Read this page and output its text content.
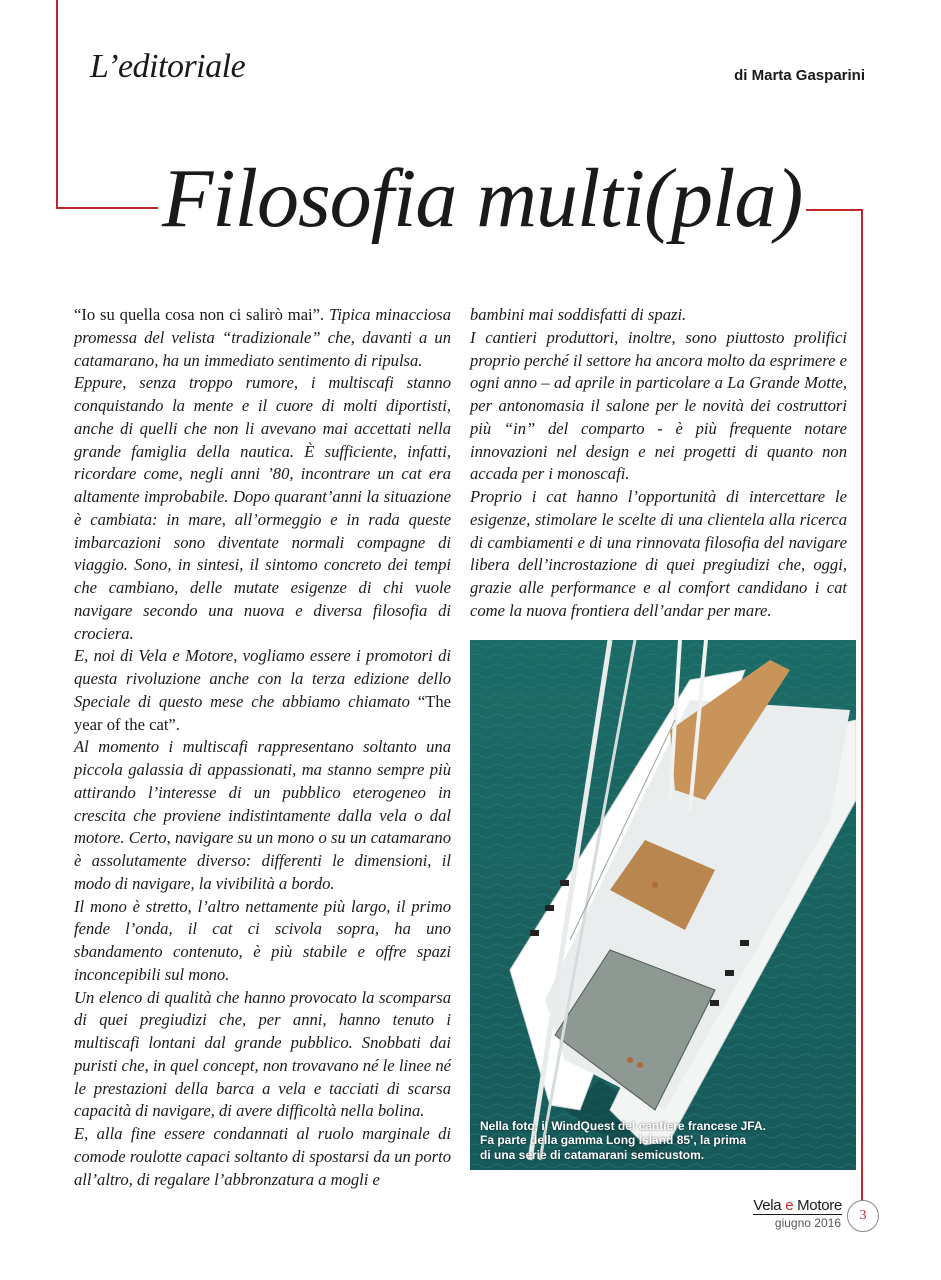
L’editoriale	di Marta Gasparini
Filosofia multi(pla)

“Io su quella cosa non ci salirò mai”. Tipica minacciosa promessa del velista “tradizionale” che, davanti a un catamarano, ha un immediato sentimento di ripulsa.

Eppure, senza troppo rumore, i multiscafi stanno conquistando la mente e il cuore di molti diportisti, anche di quelli che non li avevano mai accettati nella grande famiglia della nautica. È sufficiente, infatti, ricordare come, negli anni ’80, incontrare un cat era altamente improbabile. Dopo quarant’anni la situazione è cambiata: in mare, all’ormeggio e in rada queste imbarcazioni sono diventate normali compagne di viaggio. Sono, in sintesi, il sintomo concreto dei tempi che cambiano, delle mutate esigenze di chi vuole navigare secondo una nuova e diversa filosofia di crociera.

E, noi di Vela e Motore, vogliamo essere i promotori di questa rivoluzione anche con la terza edizione dello Speciale di questo mese che abbiamo chiamato “The year of the cat”.

Al momento i multiscafi rappresentano soltanto una piccola galassia di appassionati, ma stanno sempre più attirando l’interesse di un pubblico eterogeneo in crescita che proviene indistintamente dalla vela o dal motore. Certo, navigare su un mono o su un catamarano è assolutamente diverso: differenti le dimensioni, il modo di navigare, la vivibilità a bordo.

Il mono è stretto, l’altro nettamente più largo, il primo fende l’onda, il cat ci scivola sopra, ha uno sbandamento contenuto, è più stabile e offre spazi inconcepibili sul mono.

Un elenco di qualità che hanno provocato la scomparsa di quei pregiudizi che, per anni, hanno tenuto i multiscafi lontani dal grande pubblico. Snobbati dai puristi che, in quel concept, non trovavano né le linee né le prestazioni della barca a vela e tacciati di scarsa capacità di navigare, di avere difficoltà nella bolina.

E, alla fine essere condannati al ruolo marginale di comode roulotte capaci soltanto di spostarsi da un porto all’altro, di regalare l’abbronzatura a mogli e

bambini mai soddisfatti di spazi.

I cantieri produttori, inoltre, sono piuttosto prolifici proprio perché il settore ha ancora molto da esprimere e ogni anno – ad aprile in particolare a La Grande Motte, per antonomasia il salone per le novità dei costruttori più “in” del comparto - è più frequente notare innovazioni nel design e nei progetti di quanto non accada per i monoscafi.

Proprio i cat hanno l’opportunità di intercettare le esigenze, stimolare le scelte di una clientela alla ricerca di cambiamenti e di una rinnovata filosofia del navigare libera dell’incrostazione di quei pregiudizi che, oggi, grazie alle performance e al comfort candidano i cat come la nuova frontiera dell’andar per mare.

Nella foto, il WindQuest del cantiere francese JFA.
Fa parte della gamma Long Island 85’, la prima
di una serie di catamarani semicustom.
Vela e Motore
giugno 2016	3
